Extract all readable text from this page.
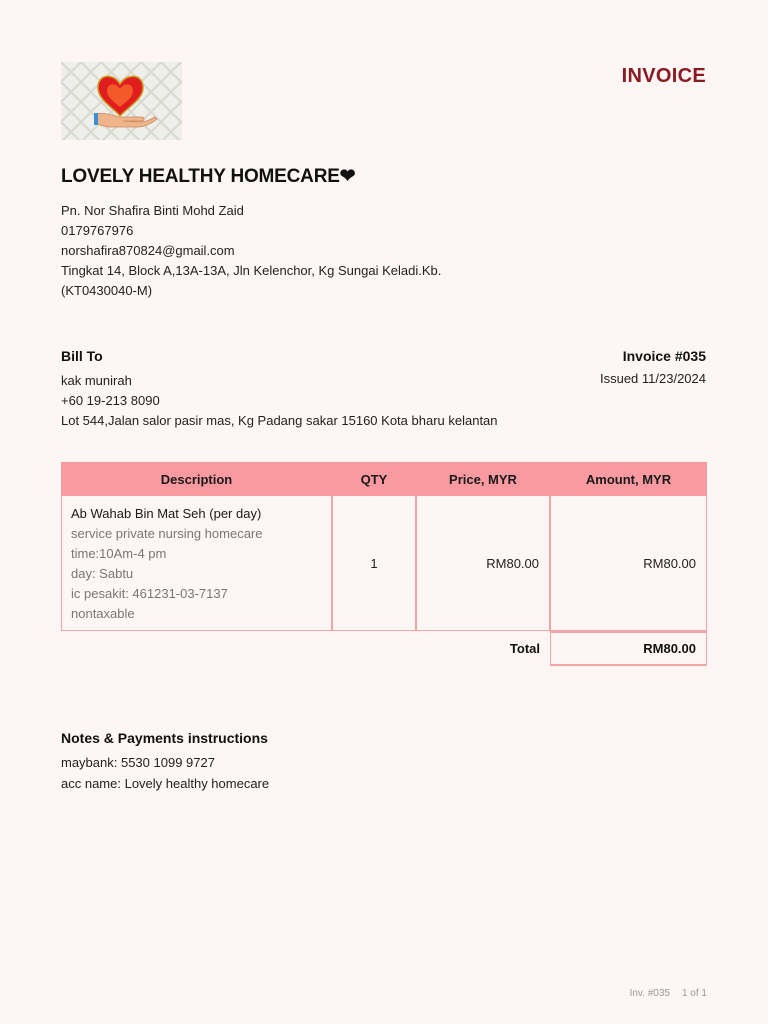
INVOICE
LOVELY HEALTHY HOMECARE❤
Pn. Nor Shafira Binti Mohd Zaid
0179767976
norshafira870824@gmail.com
Tingkat 14, Block A,13A-13A, Jln Kelenchor, Kg Sungai Keladi.Kb.
(KT0430040-M)
Bill To
kak munirah
+60 19-213 8090
Lot 544,Jalan salor pasir mas, Kg Padang sakar 15160 Kota bharu kelantan
Invoice #035
Issued 11/23/2024
Description	QTY	Price, MYR	Amount, MYR
Ab Wahab Bin Mat Seh (per day)
service private nursing homecare
time:10Am-4 pm
day: Sabtu
ic pesakit: 461231-03-7137
nontaxable
1	RM80.00	RM80.00
Total	RM80.00
Notes & Payments instructions
maybank: 5530 1099 9727
acc name: Lovely healthy homecare
Inv. #035 1 of 1
